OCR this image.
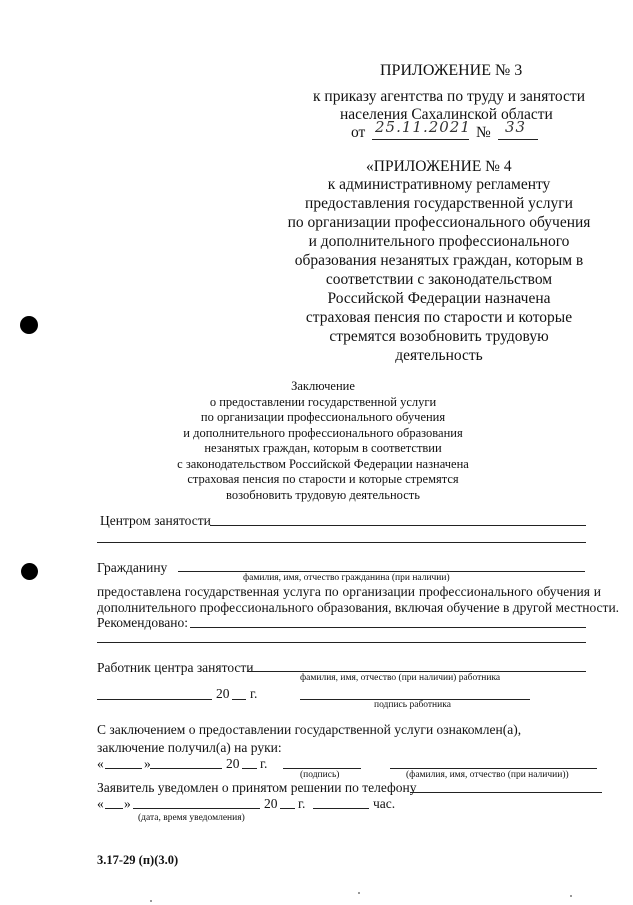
ПРИЛОЖЕНИЕ № 3
к приказу агентства по труду и занятости
населения Сахалинской области
от 25.11.2021 № 33
«ПРИЛОЖЕНИЕ № 4
к административному регламенту
предоставления государственной услуги
по организации профессионального обучения
и дополнительного профессионального
образования незанятых граждан, которым в
соответствии с законодательством
Российской Федерации назначена
страховая пенсия по старости и которые
стремятся возобновить трудовую
деятельность
Заключение
о предоставлении государственной услуги
по организации профессионального обучения
и дополнительного профессионального образования
незанятых граждан, которым в соответствии
с законодательством Российской Федерации назначена
страховая пенсия по старости и которые стремятся
возобновить трудовую деятельность
Центром занятости
Гражданину
фамилия, имя, отчество гражданина (при наличии)
предоставлена государственная услуга по организации профессионального обучения и
дополнительного профессионального образования, включая обучение в другой местности.
Рекомендовано:
Работник центра занятости
фамилия, имя, отчество (при наличии) работника
20 г.
подпись работника
С заключением о предоставлении государственной услуги ознакомлен(а),
заключение получил(а) на руки:
«	»	20 г.
(подпись)	(фамилия, имя, отчество (при наличии))
Заявитель уведомлен о принятом решении по телефону
« »	20 г.	час.
(дата, время уведомления)
3.17-29 (п)(3.0)
